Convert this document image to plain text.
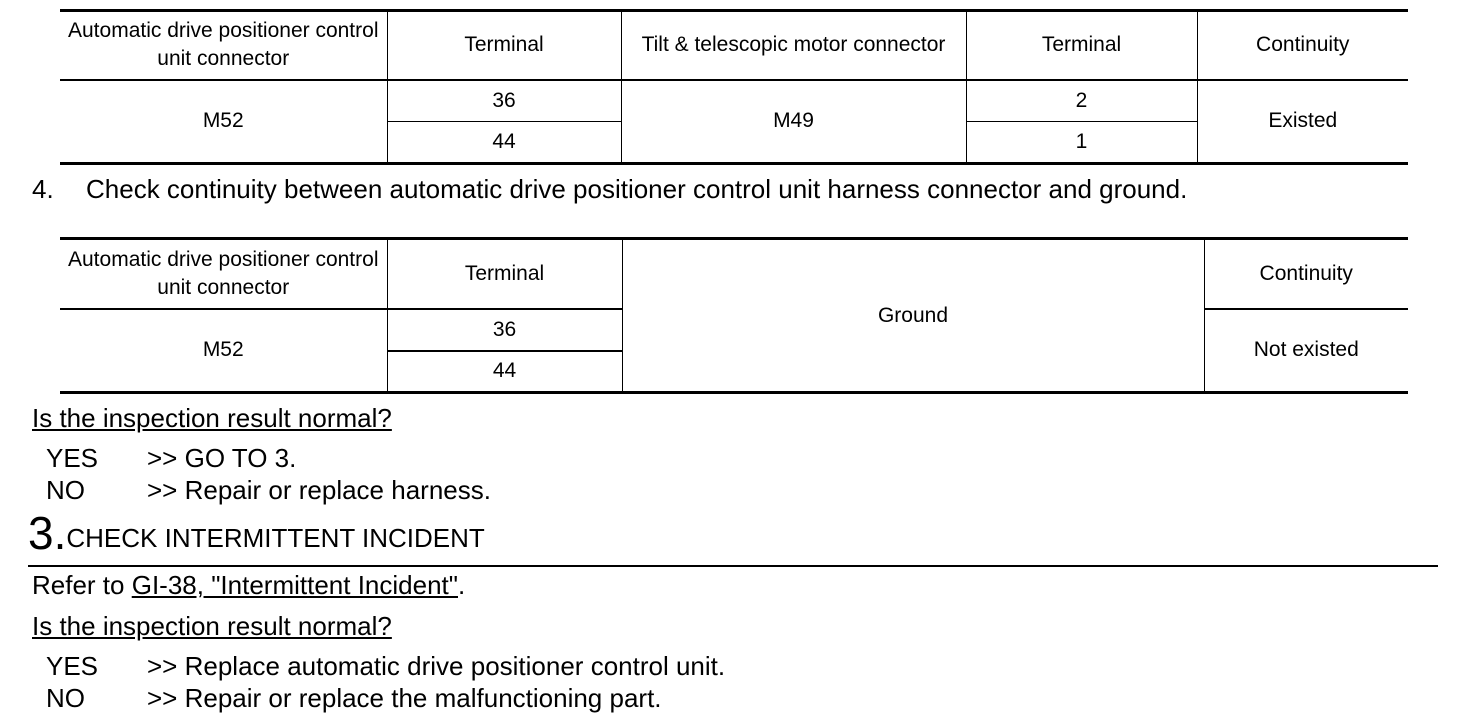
Automatic drive positioner control unit connector	Terminal	Tilt & telescopic motor connector	Terminal	Continuity
M52	36	M49	2	Existed
	44		1	
4. Check continuity between automatic drive positioner control unit harness connector and ground.
Automatic drive positioner control unit connector	Terminal	Ground	Continuity
M52	36		Not existed
	44		
Is the inspection result normal?
YES >> GO TO 3.
NO >> Repair or replace harness.
3.CHECK INTERMITTENT INCIDENT
Refer to GI-38, "Intermittent Incident".
Is the inspection result normal?
YES >> Replace automatic drive positioner control unit.
NO >> Repair or replace the malfunctioning part.
